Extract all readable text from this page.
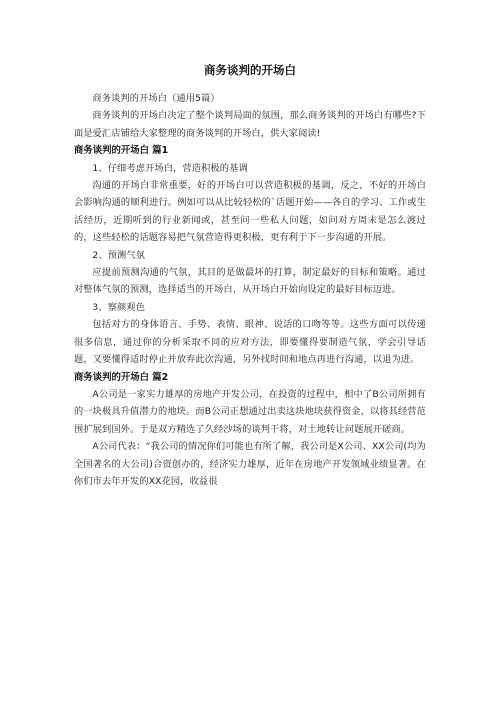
商务谈判的开场白

商务谈判的开场白（通用5篇）

商务谈判的开场白决定了整个谈判局面的氛围，那么商务谈判的开场白有哪些?下面是爱汇店铺给大家整理的商务谈判的开场白，供大家阅读!

商务谈判的开场白 篇1

1、仔细考虑开场白，营造积极的基调

沟通的开场白非常重要，好的开场白可以营造积极的基调，反之，不好的开场白会影响沟通的顺利进行。例如可以从比较轻松的`话题开始——各自的学习、工作或生活经历，近期听到的行业新闻或，甚至问一些私人问题，如问对方周末是怎么渡过的，这些轻松的话题容易把气氛营造得更积极，更有利于下一步沟通的开展。

2、预测气氛

应提前预测沟通的气氛，其目的是做最坏的打算，制定最好的目标和策略。通过对整体气氛的预测，选择适当的开场白，从开场白开始向设定的最好目标迈进。

3、察颜观色

包括对方的身体语言、手势、表情、眼神、说话的口吻等等。这些方面可以传递很多信息，通过你的分析采取不同的应对方法，即要懂得要制造气氛，学会引导话题，又要懂得适时停止并放弃此次沟通，另外找时间和地点再进行沟通，以退为进。

商务谈判的开场白 篇2

A公司是一家实力雄厚的房地产开发公司，在投资的过程中，相中了B公司所拥有的一块极具升值潜力的地块。而B公司正想通过出卖这块地块获得资金，以将其经营范围扩展到国外。于是双方精选了久经沙场的谈判干将，对土地转让问题展开磋商。

A公司代表：“我公司的情况你们可能也有所了解，我公司是X公司、XX公司(均为全国著名的大公司)合资创办的，经济实力雄厚，近年在房地产开发领域业绩显著。在你们市去年开发的XX花园，收益很
